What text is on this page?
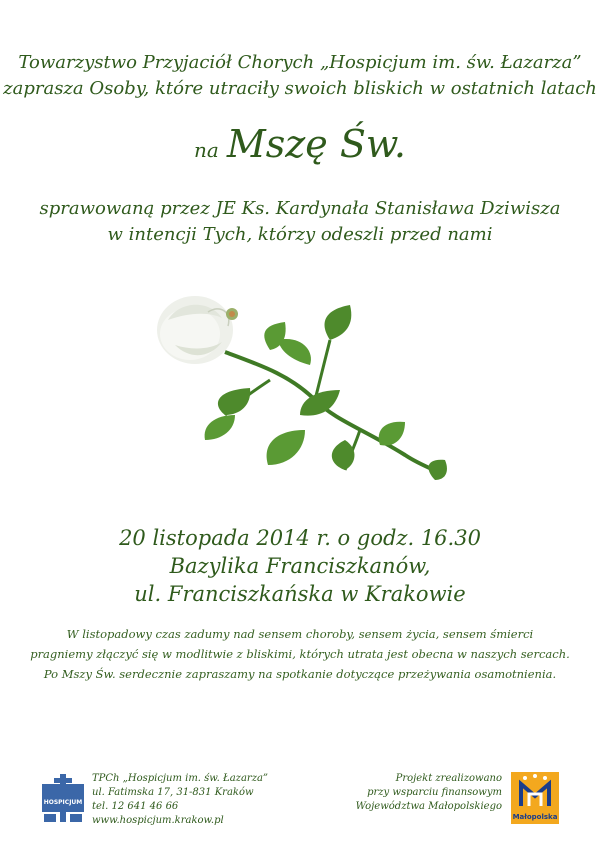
Towarzystwo Przyjaciół Chorych „Hospicjum im. św. Łazarza”
zaprasza Osoby, które utraciły swoich bliskich w ostatnich latach
na Mszę Św.
sprawowaną przez JE Ks. Kardynała Stanisława Dziwisza
w intencji Tych, którzy odeszli przed nami
20 listopada 2014 r. o godz. 16.30
Bazylika Franciszkanów,
ul. Franciszkańska w Krakowie
W listopadowy czas zadumy nad sensem choroby, sensem życia, sensem śmierci
pragniemy złączyć się w modlitwie z bliskimi, których utrata jest obecna w naszych sercach.
Po Mszy Św. serdecznie zapraszamy na spotkanie dotyczące przeżywania osamotnienia.
HOSPICJUM
TPCh „Hospicjum im. św. Łazarza”
ul. Fatimska 17, 31-831 Kraków
tel. 12 641 46 66
www.hospicjum.krakow.pl
Projekt zrealizowano
przy wsparciu finansowym
Województwa Małopolskiego
Małopolska
